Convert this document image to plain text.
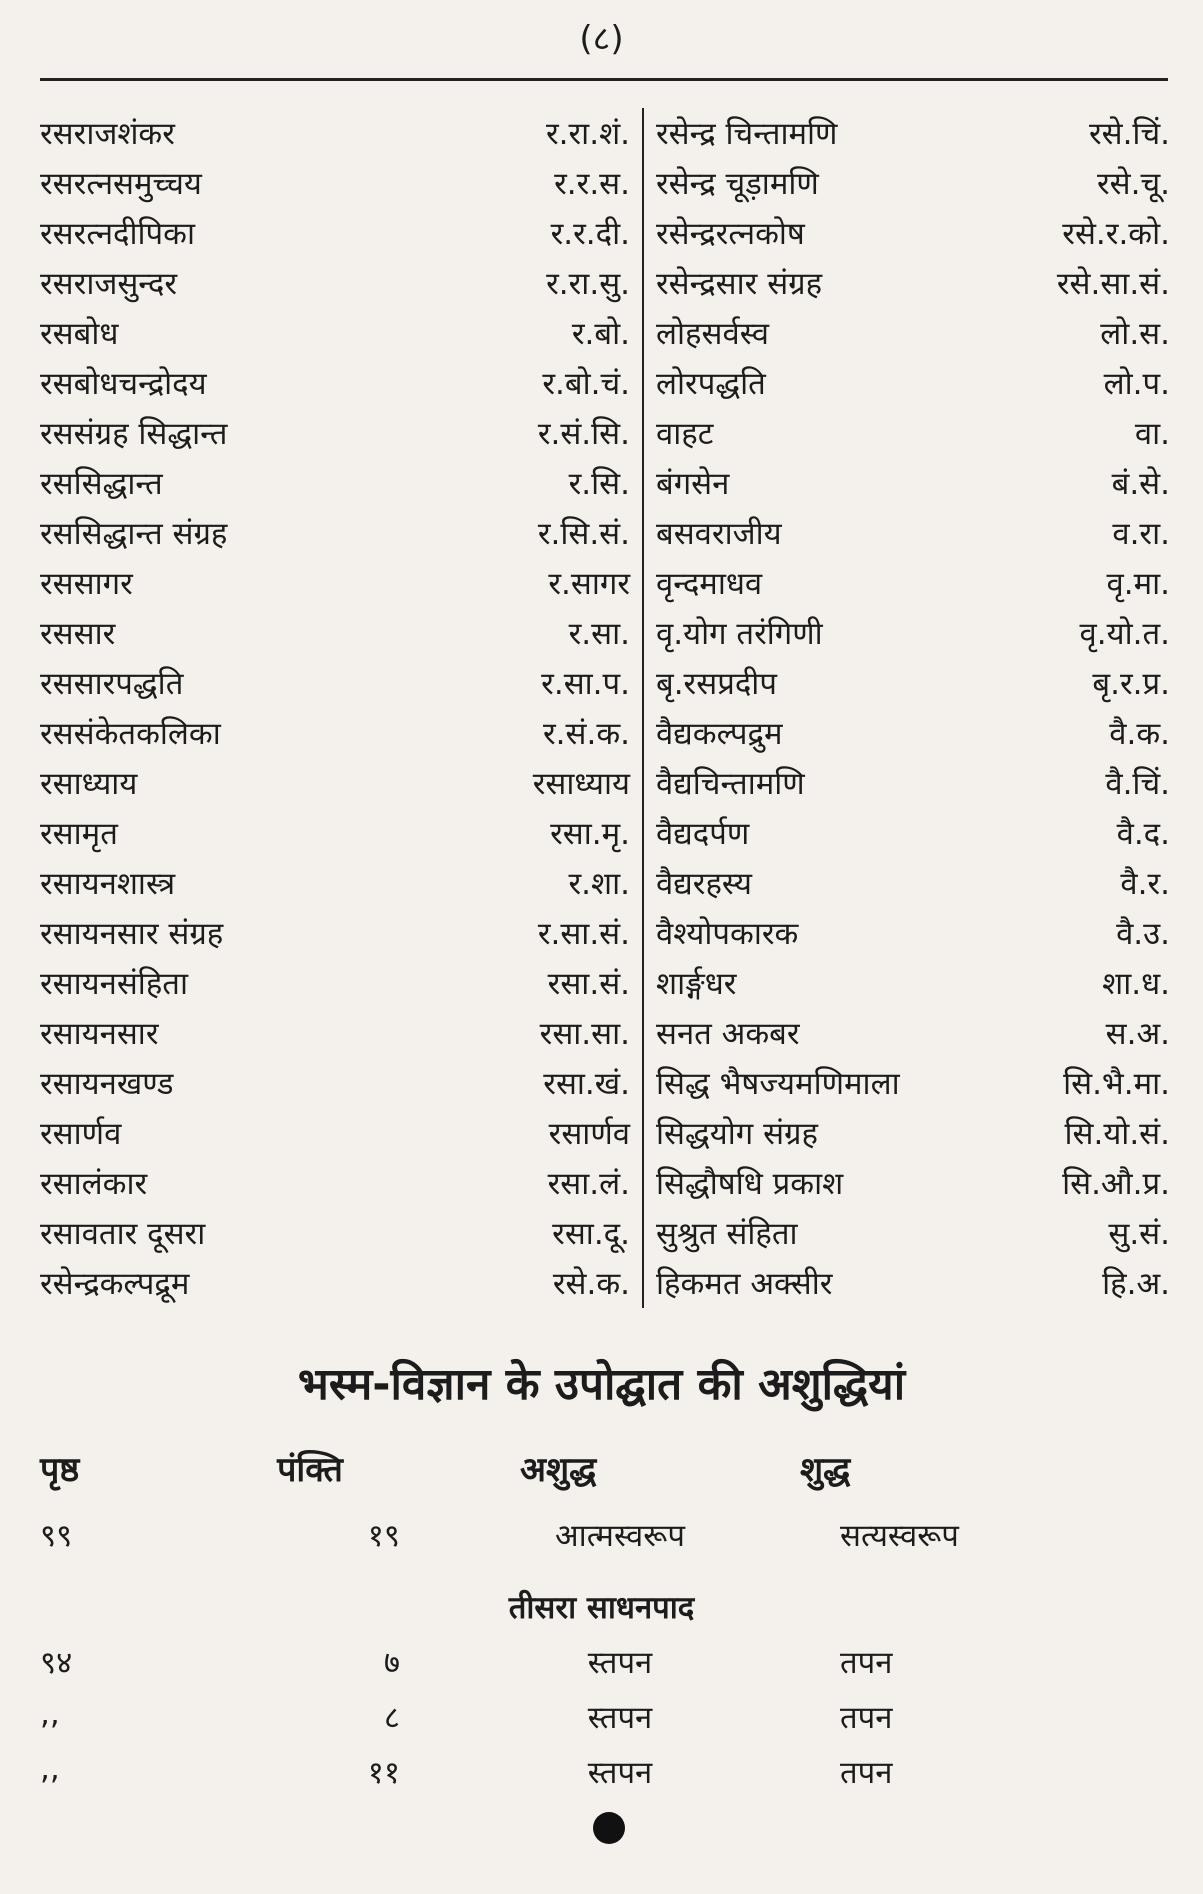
(८)
रसराजशंकर	र.रा.शं. रसेन्द्र चिन्तामणि	रसे.चिं.
रसरत्नसमुच्चय	र.र.स. रसेन्द्र चूड़ामणि	रसे.चू.
रसरत्नदीपिका	र.र.दी. रसेन्द्ररत्नकोष	रसे.र.को.
रसराजसुन्दर	र.रा.सु. रसेन्द्रसार संग्रह	रसे.सा.सं.
रसबोध	र.बो. लोहसर्वस्व	लो.स.
रसबोधचन्द्रोदय	र.बो.चं. लोरपद्धति	लो.प.
रससंग्रह सिद्धान्त	र.सं.सि. वाहट	वा.
रससिद्धान्त	र.सि. बंगसेन	बं.से.
रससिद्धान्त संग्रह	र.सि.सं. बसवराजीय	व.रा.
रससागर	र.सागर वृन्दमाधव	वृ.मा.
रससार	र.सा. वृ.योग तरंगिणी	वृ.यो.त.
रससारपद्धति	र.सा.प. बृ.रसप्रदीप	बृ.र.प्र.
रससंकेतकलिका	र.सं.क. वैद्यकल्पद्रुम	वै.क.
रसाध्याय	रसाध्याय वैद्यचिन्तामणि	वै.चिं.
रसामृत	रसा.मृ. वैद्यदर्पण	वै.द.
रसायनशास्त्र	र.शा. वैद्यरहस्य	वै.र.
रसायनसार संग्रह	र.सा.सं. वैश्योपकारक	वै.उ.
रसायनसंहिता	रसा.सं. शार्ङ्गधर	शा.ध.
रसायनसार	रसा.सा. सनत अकबर	स.अ.
रसायनखण्ड	रसा.खं. सिद्ध भैषज्यमणिमाला	सि.भै.मा.
रसार्णव	रसार्णव सिद्धयोग संग्रह	सि.यो.सं.
रसालंकार	रसा.लं. सिद्धौषधि प्रकाश	सि.औ.प्र.
रसावतार दूसरा	रसा.दू. सुश्रुत संहिता	सु.सं.
रसेन्द्रकल्पद्रूम	रसे.क. हिकमत अक्सीर	हि.अ.
भस्म-विज्ञान के उपोद्घात की अशुद्धियां
पृष्ठ	पंक्ति	अशुद्ध	शुद्ध
९९	१९	आत्मस्वरूप	सत्यस्वरूप
तीसरा साधनपाद
९४	७	स्तपन	तपन
,,	८	स्तपन	तपन
,,	११	स्तपन	तपन
